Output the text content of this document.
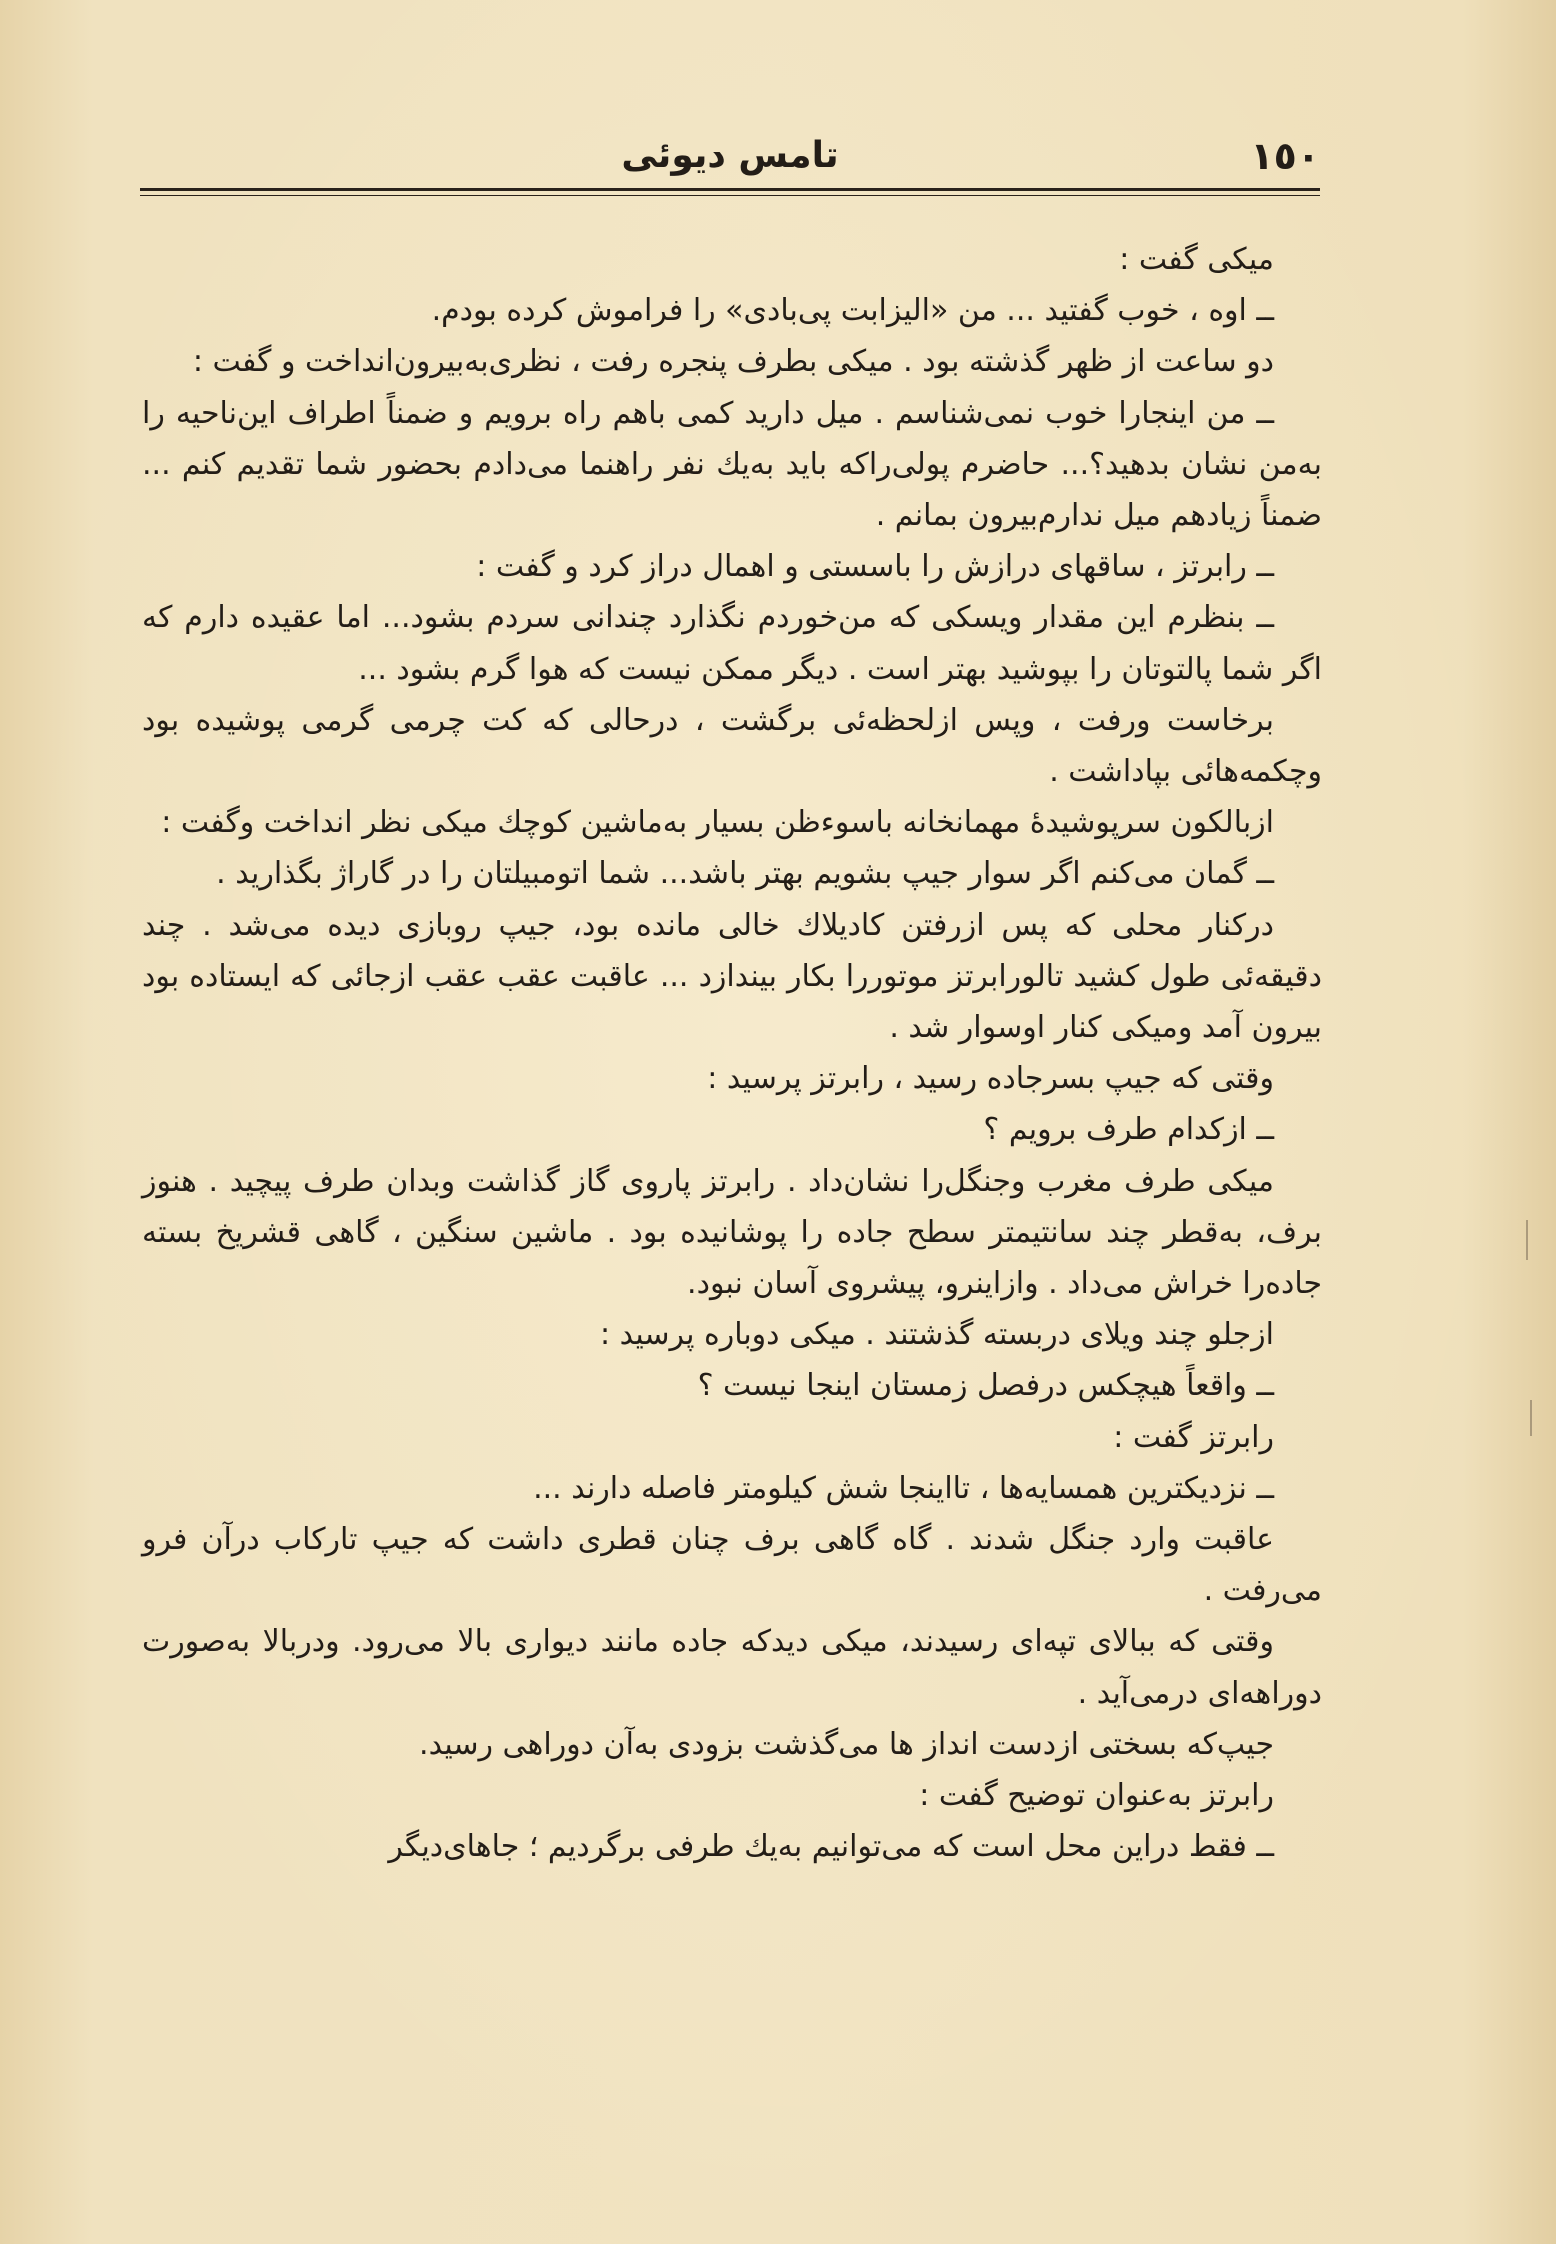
١٥٠
تامس دیوئی

میکی گفت :

ــ اوه ، خوب گفتید ... من «الیزابت پی‌بادی» را فراموش کرده بودم.

دو ساعت از ظهر گذشته بود . میکی بطرف پنجره رفت ، نظری‌به‌بیرون‌انداخت و گفت :

ــ من اینجارا خوب نمی‌شناسم . میل دارید کمی باهم راه برویم و ضمناً اطراف این‌ناحیه را به‌من نشان بدهید؟... حاضرم پولی‌راکه باید به‌یك نفر راهنما می‌دادم بحضور شما تقدیم کنم ... ضمناً زیادهم میل ندارم‌بیرون بمانم .

ــ رابرتز ، ساقهای درازش را باسستی و اهمال دراز کرد و گفت :

ــ بنظرم این مقدار ویسکی که من‌خوردم نگذارد چندانی سردم بشود... اما عقیده دارم که اگر شما پالتوتان را بپوشید بهتر است . دیگر ممکن نیست که هوا گرم بشود ...

برخاست ورفت ، وپس ازلحظه‌ئی برگشت ، درحالی که کت چرمی گرمی پوشیده بود وچکمه‌هائی بپاداشت .

ازبالکون سرپوشیدهٔ مهمانخانه باسوءظن بسیار به‌ماشین کوچك میکی نظر انداخت وگفت :

ــ گمان می‌کنم اگر سوار جیپ بشویم بهتر باشد... شما اتومبیلتان را در گاراژ بگذارید .

درکنار محلی که پس ازرفتن کادیلاك خالی مانده بود، جیپ روبازی دیده می‌شد . چند دقیقه‌ئی طول کشید تالورابرتز موتوررا بکار بیندازد ... عاقبت عقب عقب ازجائی که ایستاده بود بیرون آمد ومیکی کنار اوسوار شد .

وقتی که جیپ بسرجاده رسید ، رابرتز پرسید :

ــ ازکدام طرف برویم ؟

میکی طرف مغرب وجنگل‌را نشان‌داد . رابرتز پاروی گاز گذاشت وبدان طرف پیچید . هنوز برف، به‌قطر چند سانتیمتر سطح جاده را پوشانیده بود . ماشین سنگین ، گاهی قشریخ بسته جاده‌را خراش می‌داد . وازاینرو، پیشروی آسان نبود.

ازجلو چند ویلای دربسته گذشتند . میکی دوباره پرسید :

ــ واقعاً هیچکس درفصل زمستان اینجا نیست ؟

رابرتز گفت :

ــ نزدیکترین همسایه‌ها ، تااینجا شش کیلومتر فاصله دارند ...

عاقبت وارد جنگل شدند . گاه گاهی برف چنان قطری داشت که جیپ تارکاب درآن فرو می‌رفت .

وقتی که ببالای تپه‌ای رسیدند، میکی دیدکه جاده مانند دیواری بالا می‌رود. ودربالا به‌صورت دوراهه‌ای درمی‌آید .

جیپ‌که بسختی ازدست انداز ها می‌گذشت بزودی به‌آن دوراهی رسید.

رابرتز به‌عنوان توضیح گفت :

ــ فقط دراین محل است که می‌توانیم به‌یك طرفی برگردیم ؛ جاهای‌دیگر
